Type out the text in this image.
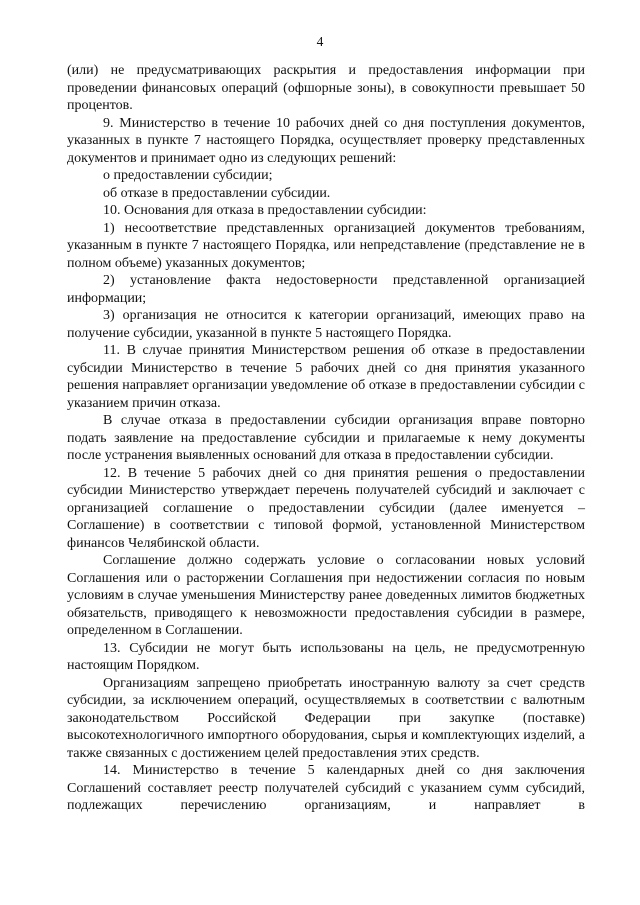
4

(или) не предусматривающих раскрытия и предоставления информации при проведении финансовых операций (офшорные зоны), в совокупности превышает 50 процентов.

9. Министерство в течение 10 рабочих дней со дня поступления документов, указанных в пункте 7 настоящего Порядка, осуществляет проверку представленных документов и принимает одно из следующих решений:

о предоставлении субсидии;

об отказе в предоставлении субсидии.

10. Основания для отказа в предоставлении субсидии:

1) несоответствие представленных организацией документов требованиям, указанным в пункте 7 настоящего Порядка, или непредставление (представление не в полном объеме) указанных документов;

2) установление факта недостоверности представленной организацией информации;

3) организация не относится к категории организаций, имеющих право на получение субсидии, указанной в пункте 5 настоящего Порядка.

11. В случае принятия Министерством решения об отказе в предоставлении субсидии Министерство в течение 5 рабочих дней со дня принятия указанного решения направляет организации уведомление об отказе в предоставлении субсидии с указанием причин отказа.

В случае отказа в предоставлении субсидии организация вправе повторно подать заявление на предоставление субсидии и прилагаемые к нему документы после устранения выявленных оснований для отказа в предоставлении субсидии.

12. В течение 5 рабочих дней со дня принятия решения о предоставлении субсидии Министерство утверждает перечень получателей субсидий и заключает с организацией соглашение о предоставлении субсидии (далее именуется – Соглашение) в соответствии с типовой формой, установленной Министерством финансов Челябинской области.

Соглашение должно содержать условие о согласовании новых условий Соглашения или о расторжении Соглашения при недостижении согласия по новым условиям в случае уменьшения Министерству ранее доведенных лимитов бюджетных обязательств, приводящего к невозможности предоставления субсидии в размере, определенном в Соглашении.

13. Субсидии не могут быть использованы на цель, не предусмотренную настоящим Порядком.

Организациям запрещено приобретать иностранную валюту за счет средств субсидии, за исключением операций, осуществляемых в соответствии с валютным законодательством Российской Федерации при закупке (поставке) высокотехнологичного импортного оборудования, сырья и комплектующих изделий, а также связанных с достижением целей предоставления этих средств.

14. Министерство в течение 5 календарных дней со дня заключения Соглашений составляет реестр получателей субсидий с указанием сумм субсидий, подлежащих перечислению организациям, и направляет в
